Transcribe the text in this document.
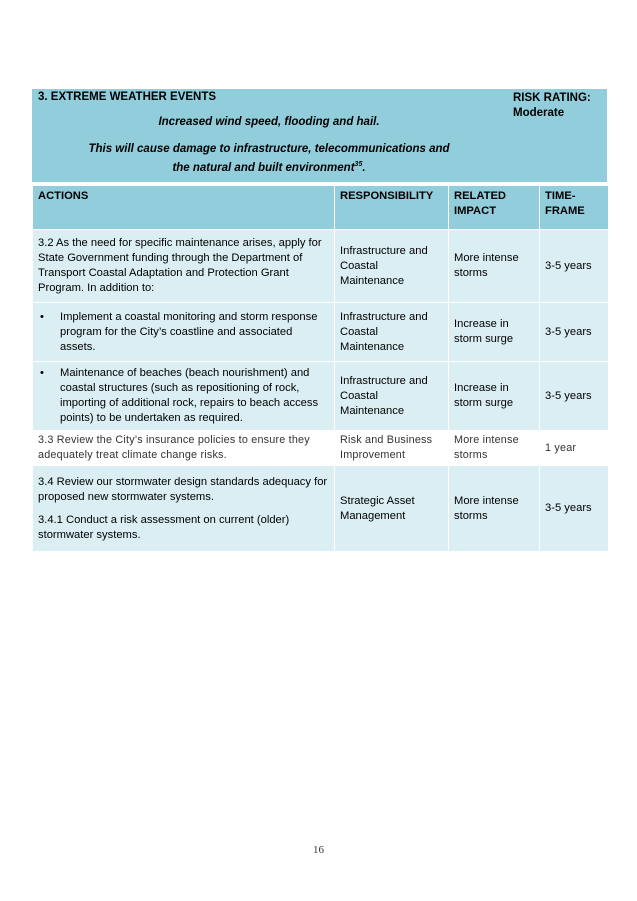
3. EXTREME WEATHER EVENTS	RISK RATING:
Moderate
Increased wind speed, flooding and hail.
This will cause damage to infrastructure, telecommunications and
the natural and built environment$^{35}$.
ACTIONS	RESPONSIBILITY	RELATED IMPACT	TIME-FRAME
3.2 As the need for specific maintenance arises, apply for State Government funding through the Department of Transport Coastal Adaptation and Protection Grant Program. In addition to:	Infrastructure and Coastal Maintenance	More intense storms	3-5 years

• Implement a coastal monitoring and storm response program for the City’s coastline and associated assets.	Infrastructure and Coastal Maintenance	Increase in storm surge	3-5 years

• Maintenance of beaches (beach nourishment) and coastal structures (such as repositioning of rock, importing of additional rock, repairs to beach access points) to be undertaken as required.	Infrastructure and Coastal Maintenance	Increase in storm surge	3-5 years
3.3 Review the City’s insurance policies to ensure they adequately treat climate change risks.	Risk and Business Improvement	More intense storms	1 year

3.4 Review our stormwater design standards adequacy for proposed new stormwater systems.
3.4.1 Conduct a risk assessment on current (older) stormwater systems.	Strategic Asset Management	More intense storms	3-5 years
16
